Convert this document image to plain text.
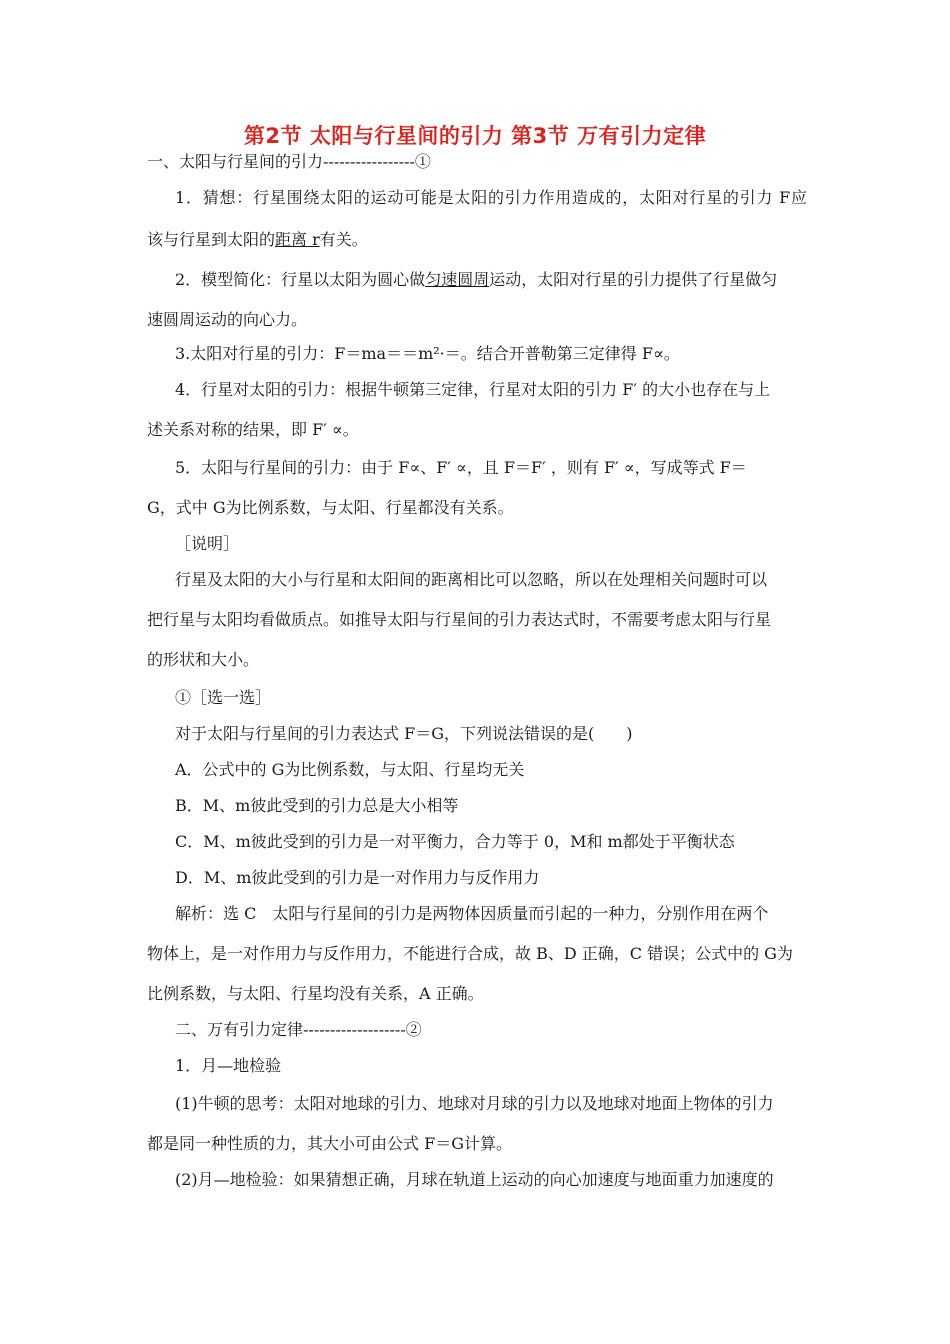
第2节 太阳与行星间的引力 第3节 万有引力定律
一、太阳与行星间的引力-----------------①
1．猜想：行星围绕太阳的运动可能是太阳的引力作用造成的，太阳对行星的引力 F应
该与行星到太阳的距离 r有关。
2．模型简化：行星以太阳为圆心做匀速圆周运动，太阳对行星的引力提供了行星做匀
速圆周运动的向心力。
3.太阳对行星的引力：F＝ma＝＝m²·＝。结合开普勒第三定律得 F∝。
4．行星对太阳的引力：根据牛顿第三定律，行星对太阳的引力 F′ 的大小也存在与上
述关系对称的结果，即 F′ ∝。
5．太阳与行星间的引力：由于 F∝、F′ ∝，且 F＝F′ ，则有 F′ ∝，写成等式 F＝
G，式中 G为比例系数，与太阳、行星都没有关系。
［说明］
行星及太阳的大小与行星和太阳间的距离相比可以忽略，所以在处理相关问题时可以
把行星与太阳均看做质点。如推导太阳与行星间的引力表达式时，不需要考虑太阳与行星
的形状和大小。
①［选一选］
对于太阳与行星间的引力表达式 F＝G，下列说法错误的是(　　)
A．公式中的 G为比例系数，与太阳、行星均无关
B．M、m彼此受到的引力总是大小相等
C．M、m彼此受到的引力是一对平衡力，合力等于 0，M和 m都处于平衡状态
D．M、m彼此受到的引力是一对作用力与反作用力
解析：选 C　太阳与行星间的引力是两物体因质量而引起的一种力，分别作用在两个
物体上，是一对作用力与反作用力，不能进行合成，故 B、D 正确，C 错误；公式中的 G为
比例系数，与太阳、行星均没有关系，A 正确。
二、万有引力定律-------------------②
1．月—地检验
(1)牛顿的思考：太阳对地球的引力、地球对月球的引力以及地球对地面上物体的引力
都是同一种性质的力，其大小可由公式 F＝G计算。
(2)月—地检验：如果猜想正确，月球在轨道上运动的向心加速度与地面重力加速度的
